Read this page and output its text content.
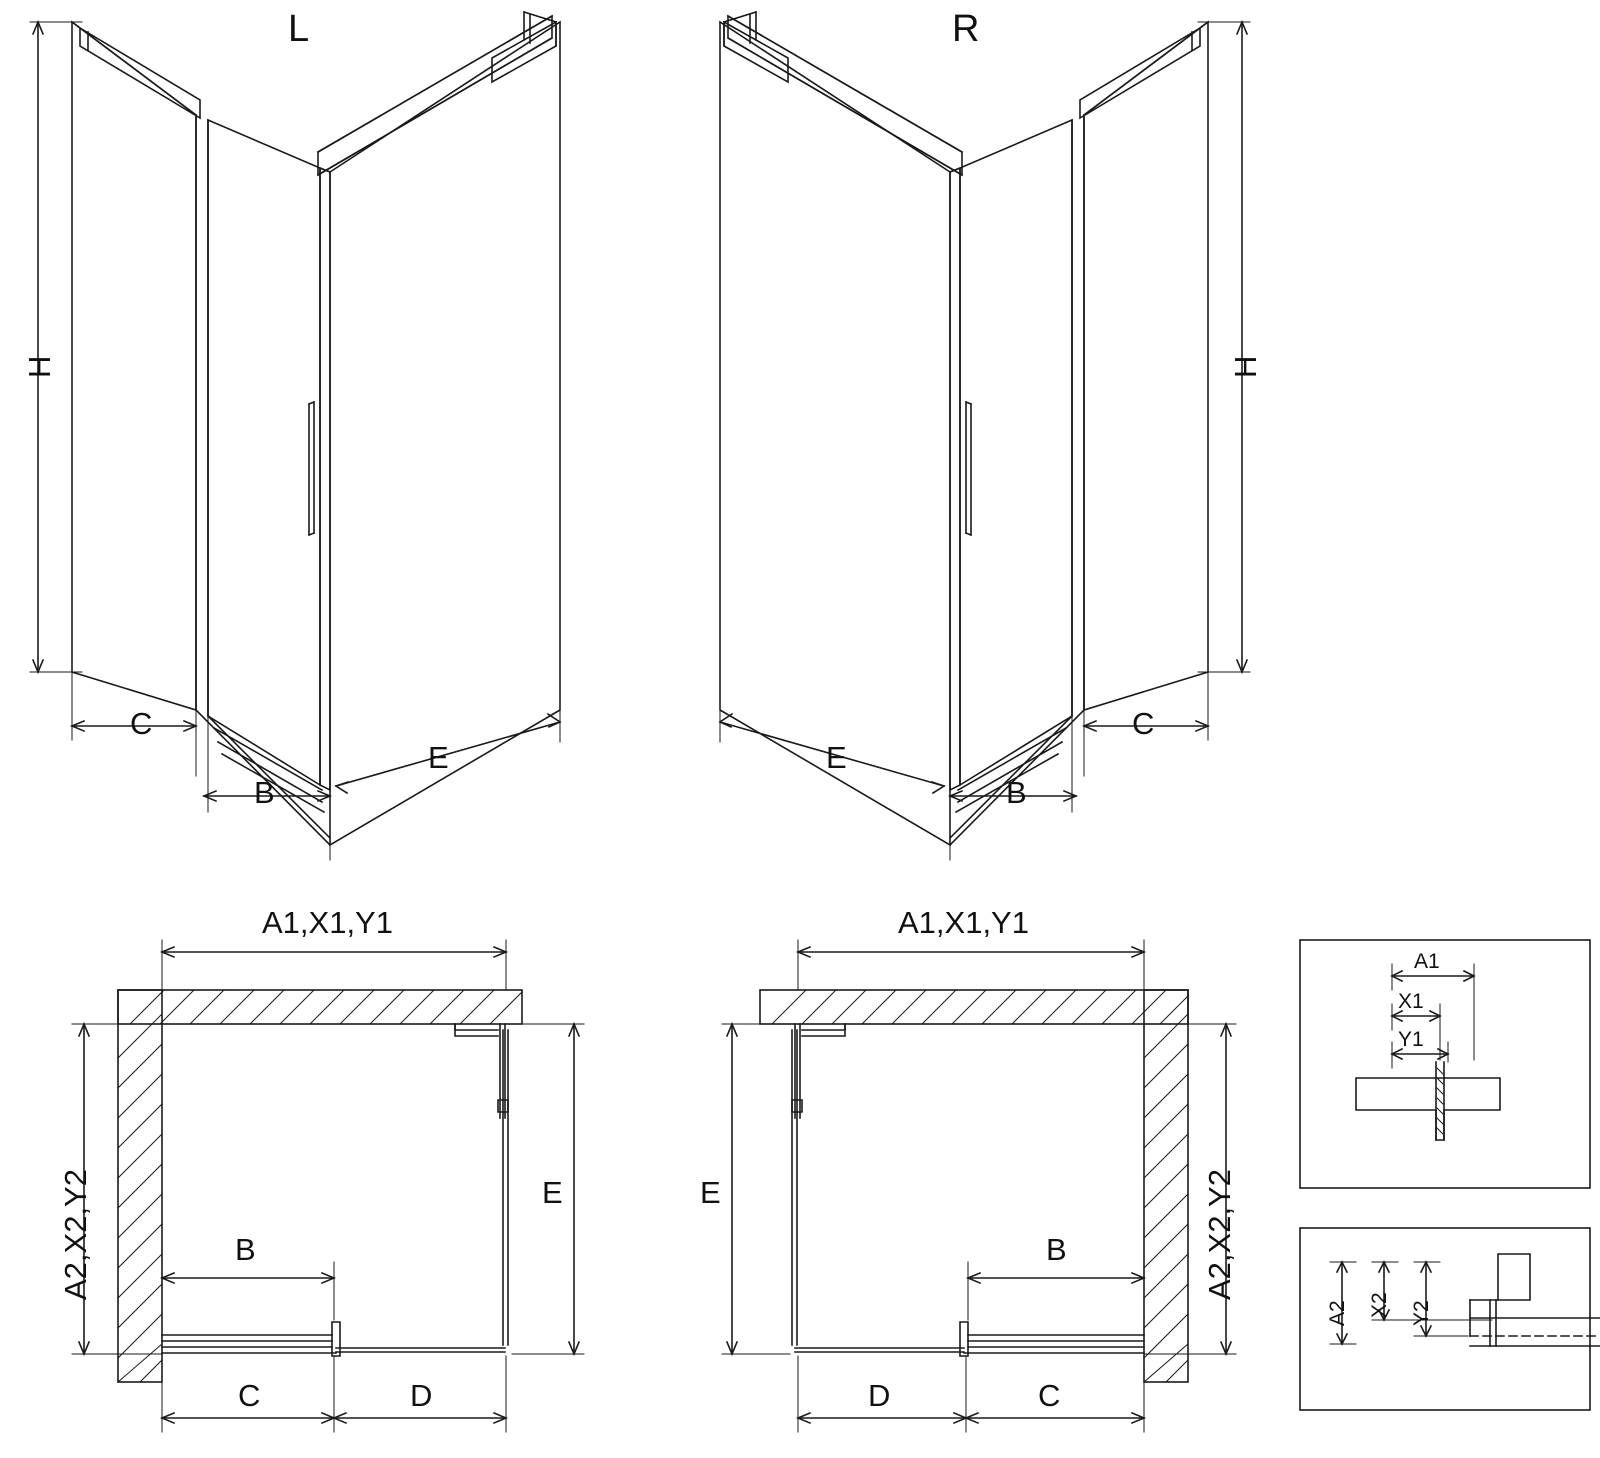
L	R
H	H
C
B
E
C
B
E
A1,X1,Y1
A2,X2,Y2	E
B
C	D
A1,X1,Y1
A2,X2,Y2
E
B
D	C
A1
X1
Y1
A2 X2 Y2
